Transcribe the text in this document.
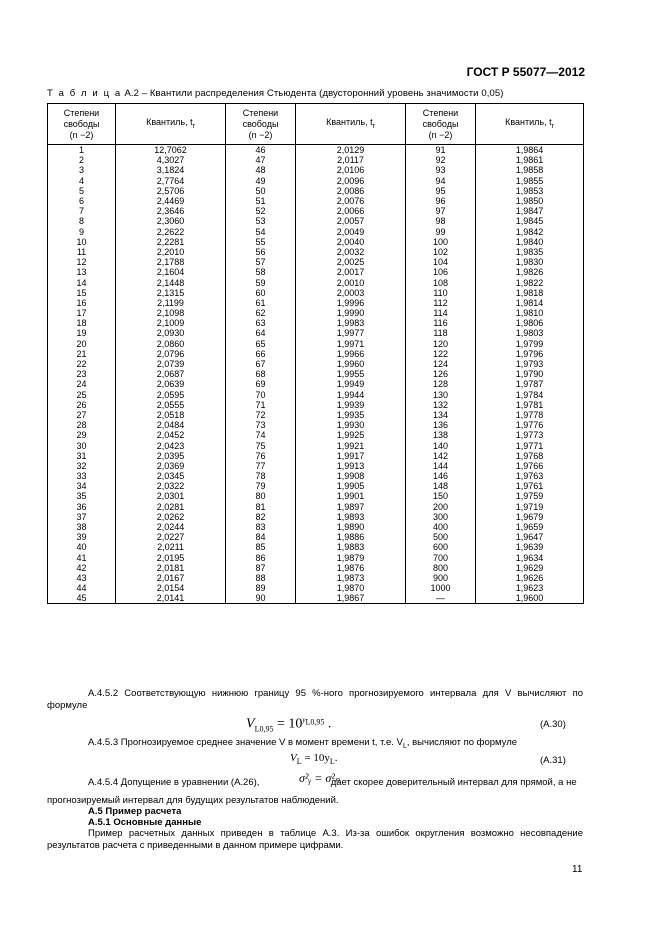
ГОСТ Р 55077—2012
Т а б л и ц а А.2 – Квантили распределения Стьюдента (двусторонний уровень значимости 0,05)
Степени
свободы
(n −2)	Квантиль, $t_r$	Степени
свободы
(n −2)	Квантиль, $t_r$	Степени
свободы
(n −2)	Квантиль, $t_r$
1	12,7062	46	2,0129	91	1,9864
2	4,3027	47	2,0117	92	1,9861
3	3,1824	48	2,0106	93	1,9858
4	2,7764	49	2,0096	94	1,9855
5	2,5706	50	2,0086	95	1,9853
6	2,4469	51	2,0076	96	1,9850
7	2,3646	52	2,0066	97	1,9847
8	2,3060	53	2,0057	98	1,9845
9	2,2622	54	2,0049	99	1,9842
10	2,2281	55	2,0040	100	1,9840
11	2,2010	56	2,0032	102	1,9835
12	2,1788	57	2,0025	104	1,9830
13	2,1604	58	2,0017	106	1,9826
14	2,1448	59	2,0010	108	1,9822
15	2,1315	60	2,0003	110	1,9818
16	2,1199	61	1,9996	112	1,9814
17	2,1098	62	1,9990	114	1,9810
18	2,1009	63	1,9983	116	1,9806
19	2,0930	64	1,9977	118	1,9803
20	2,0860	65	1,9971	120	1,9799
21	2,0796	66	1,9966	122	1,9796
22	2,0739	67	1,9960	124	1,9793
23	2,0687	68	1,9955	126	1,9790
24	2,0639	69	1,9949	128	1,9787
25	2,0595	70	1,9944	130	1,9784
26	2,0555	71	1,9939	132	1,9781
27	2,0518	72	1,9935	134	1,9778
28	2,0484	73	1,9930	136	1,9776
29	2,0452	74	1,9925	138	1,9773
30	2,0423	75	1,9921	140	1,9771
31	2,0395	76	1,9917	142	1,9768
32	2,0369	77	1,9913	144	1,9766
33	2,0345	78	1,9908	146	1,9763
34	2,0322	79	1,9905	148	1,9761
35	2,0301	80	1,9901	150	1,9759
36	2,0281	81	1,9897	200	1,9719
37	2,0262	82	1,9893	300	1,9679
38	2,0244	83	1,9890	400	1,9659
39	2,0227	84	1,9886	500	1,9647
40	2,0211	85	1,9883	600	1,9639
41	2,0195	86	1,9879	700	1,9634
42	2,0181	87	1,9876	800	1,9629
43	2,0167	88	1,9873	900	1,9626
44	2,0154	89	1,9870	1000	1,9623
45	2,0141	90	1,9867	—	1,9600
А.4.5.2 Соответствующую нижнюю границу 95 %-ного прогнозируемого интервала для V вычисляют по формуле
$V_{L0,95} = 10^{y_{L0,95}}$ .	(A.30)
А.4.5.3 Прогнозируемое среднее значение V в момент времени t, т.е. $V_L$, вычисляют по формуле
$V_L = 10y_L$.	(A.31)
А.4.5.4 Допущение в уравнении (А.26),	дает скорее доверительный интервал для прямой, а не
σ²ᵧ = σ²ₙ
прогнозируемый интервал для будущих результатов наблюдений.
А.5 Пример расчета
А.5.1 Основные данные
Пример расчетных данных приведен в таблице А.3. Из-за ошибок округления возможно несовпадение результатов расчета с приведенными в данном примере цифрами.
11
